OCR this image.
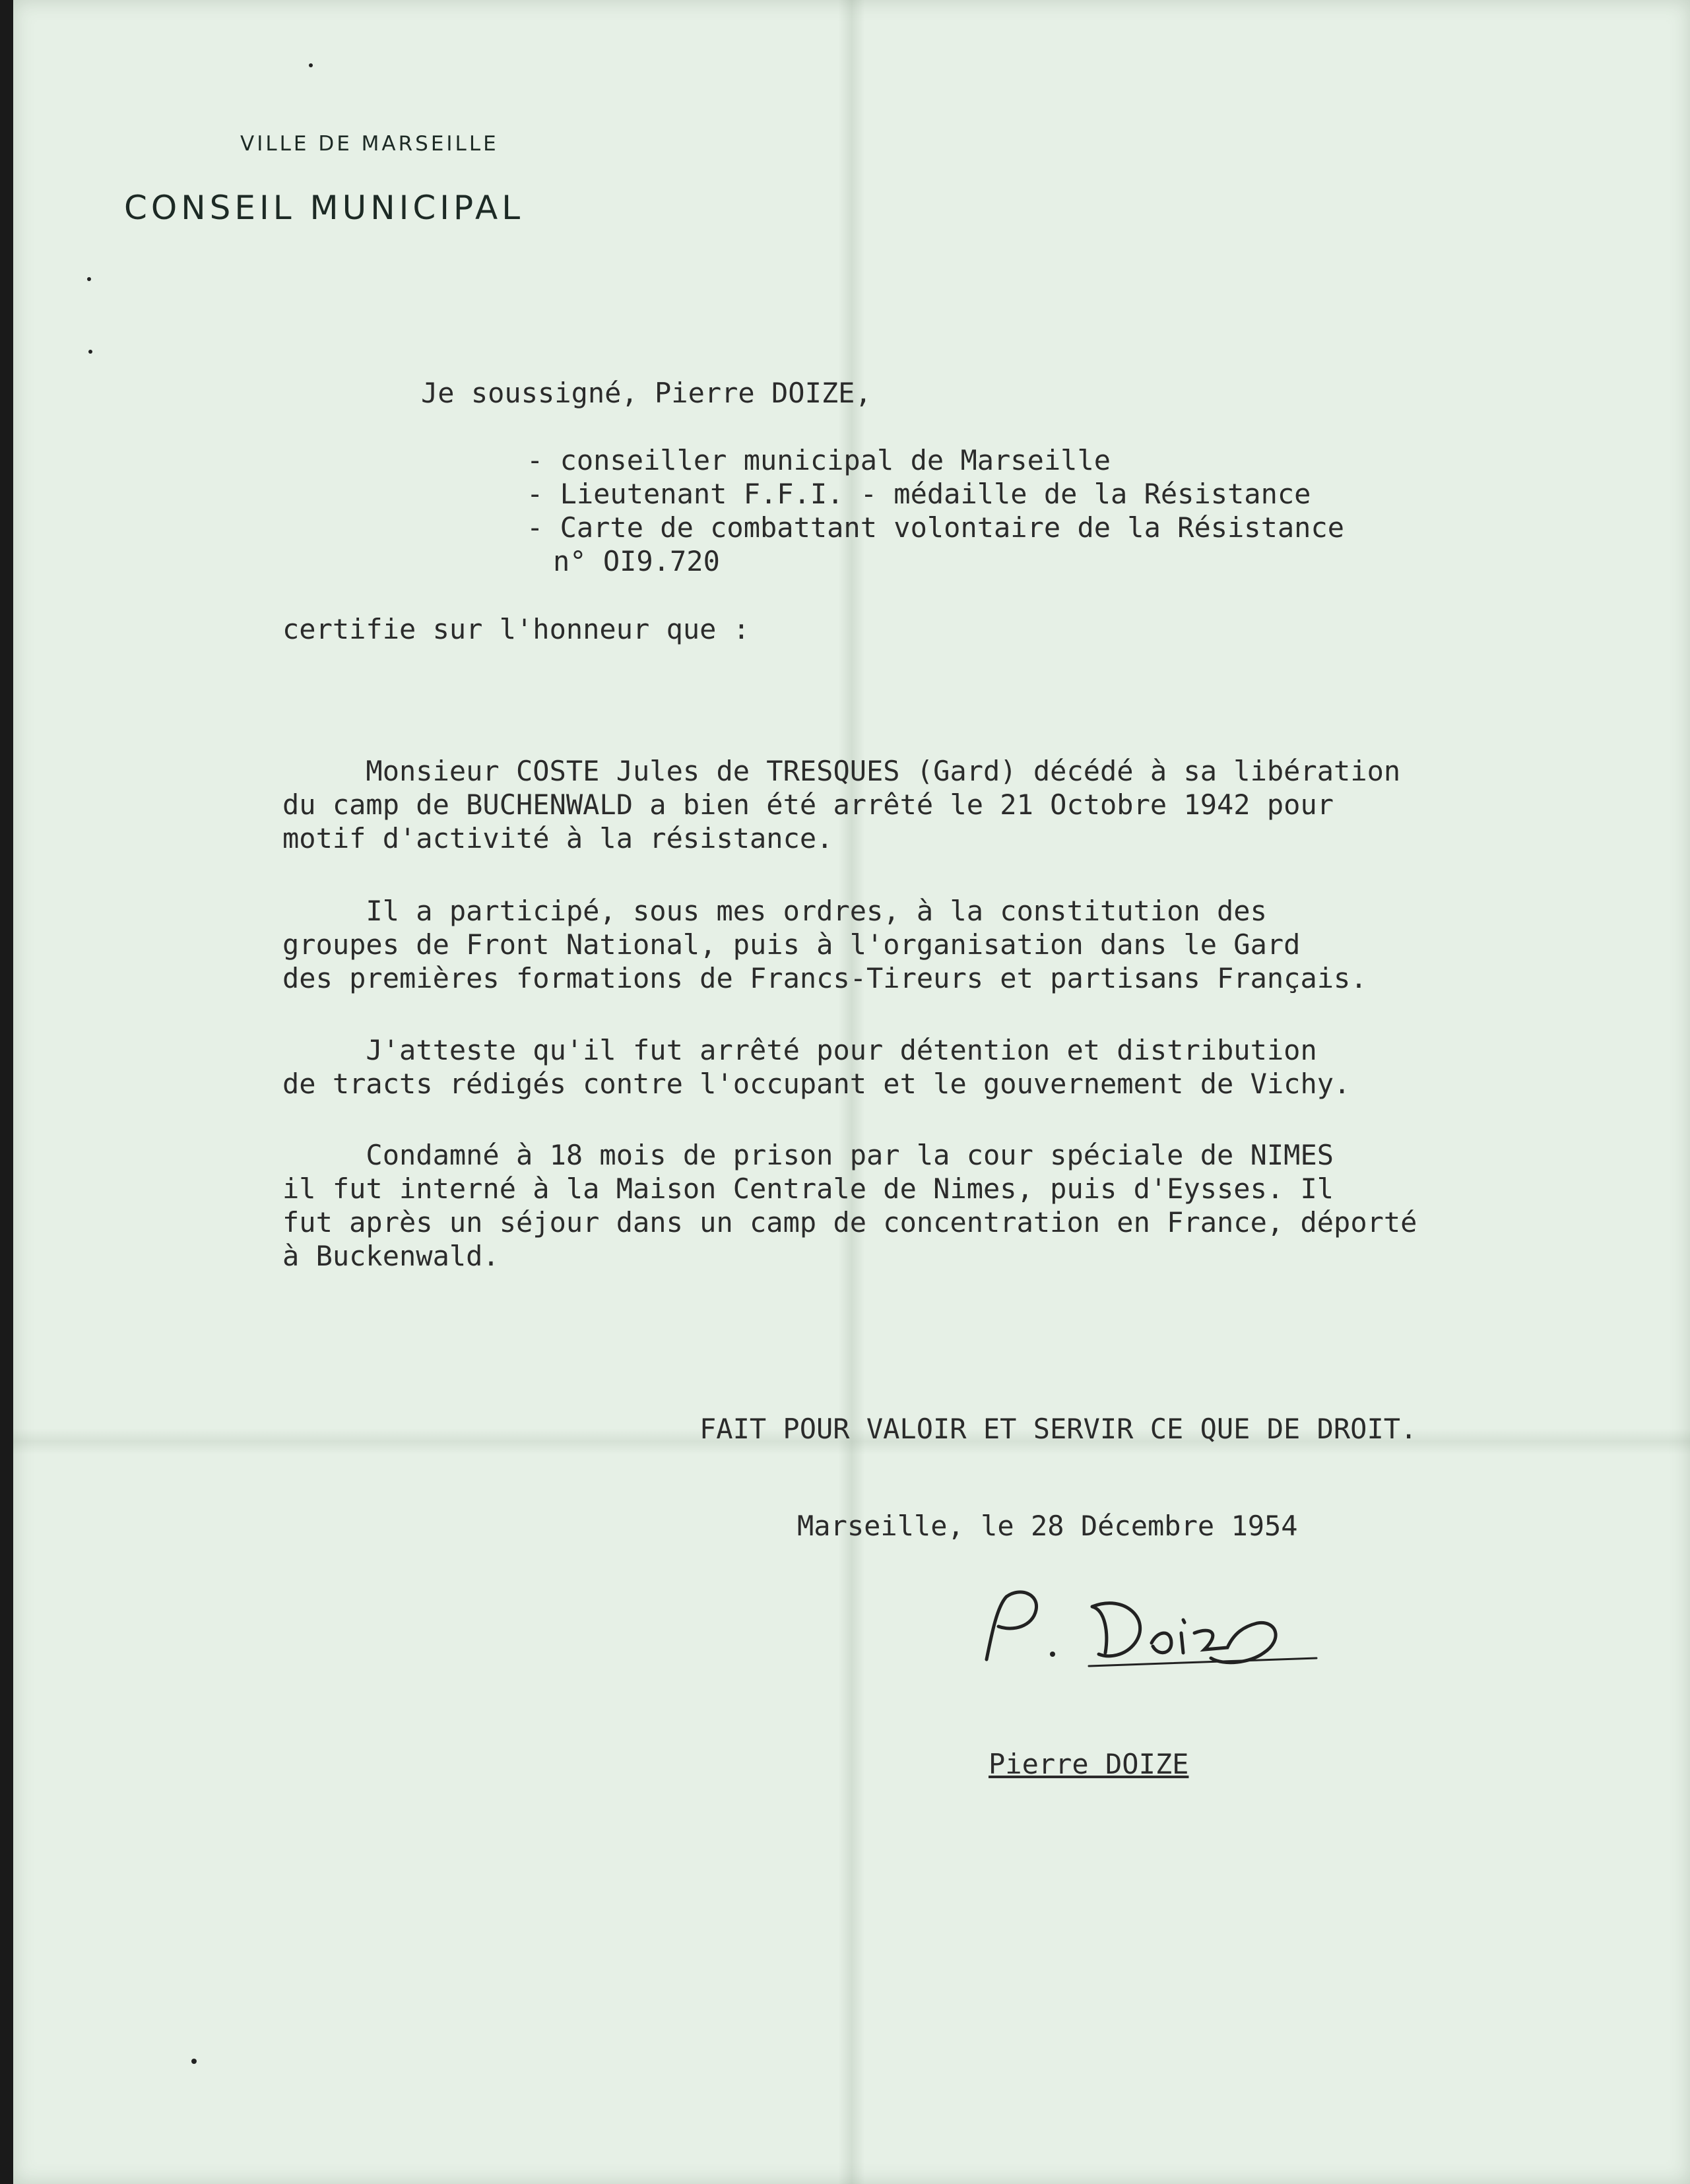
VILLE DE MARSEILLE
CONSEIL MUNICIPAL

Je soussigné, Pierre DOIZE,

- conseiller municipal de Marseille

- Lieutenant F.F.I. - médaille de la Résistance

- Carte de combattant volontaire de la Résistance

n° OI9.720

certifie sur l'honneur que :

Monsieur COSTE Jules de TRESQUES (Gard) décédé à sa libération
du camp de BUCHENWALD a bien été arrêté le 21 Octobre 1942 pour
motif d'activité à la résistance.

Il a participé, sous mes ordres, à la constitution des
groupes de Front National, puis à l'organisation dans le Gard
des premières formations de Francs-Tireurs et partisans Français.

J'atteste qu'il fut arrêté pour détention et distribution
de tracts rédigés contre l'occupant et le gouvernement de Vichy.

Condamné à 18 mois de prison par la cour spéciale de NIMES
il fut interné à la Maison Centrale de Nimes, puis d'Eysses. Il
fut après un séjour dans un camp de concentration en France, déporté
à Buckenwald.

FAIT POUR VALOIR ET SERVIR CE QUE DE DROIT.

Marseille, le 28 Décembre 1954

Pierre DOIZE
